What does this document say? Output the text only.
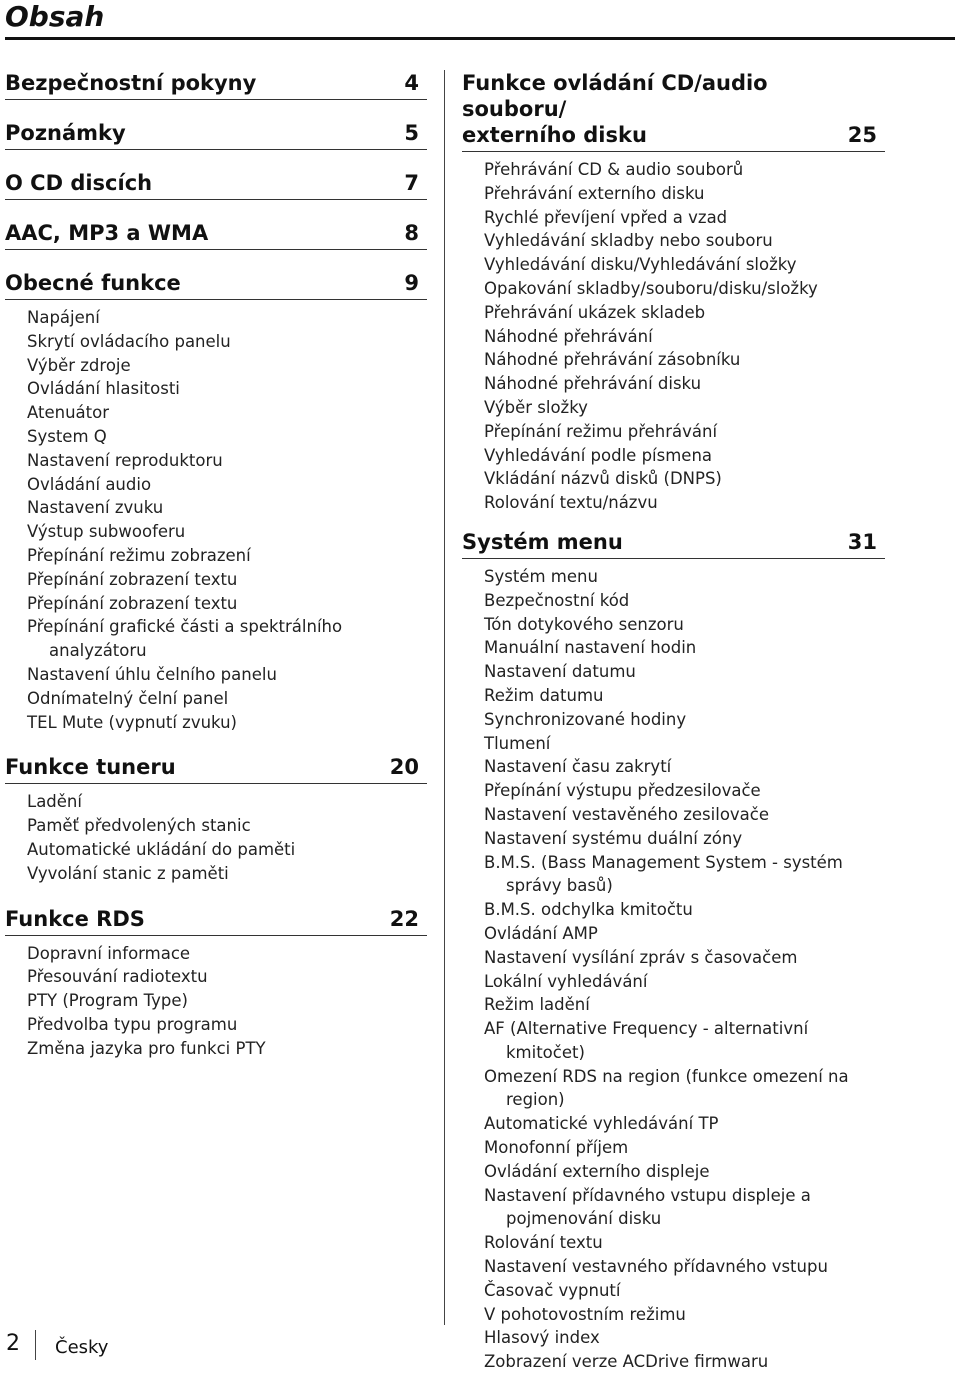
Obsah
Bezpečnostní pokyny	4
Poznámky	5
O CD discích	7
AAC, MP3 a WMA	8
Obecné funkce	9
Napájení
Skrytí ovládacího panelu
Výběr zdroje
Ovládání hlasitosti
Atenuátor
System Q
Nastavení reproduktoru
Ovládání audio
Nastavení zvuku
Výstup subwooferu
Přepínání režimu zobrazení
Přepínání zobrazení textu
Přepínání zobrazení textu
Přepínání grafické části a spektrálního
analyzátoru
Nastavení úhlu čelního panelu
Odnímatelný čelní panel
TEL Mute (vypnutí zvuku)
Funkce tuneru	20
Ladění
Paměť předvolených stanic
Automatické ukládání do paměti
Vyvolání stanic z paměti
Funkce RDS	22
Dopravní informace
Přesouvání radiotextu
PTY (Program Type)
Předvolba typu programu
Změna jazyka pro funkci PTY
Funkce ovládání CD/audio souboru/
externího disku	25
Přehrávání CD & audio souborů
Přehrávání externího disku
Rychlé převíjení vpřed a vzad
Vyhledávání skladby nebo souboru
Vyhledávání disku/Vyhledávání složky
Opakování skladby/souboru/disku/složky
Přehrávání ukázek skladeb
Náhodné přehrávání
Náhodné přehrávání zásobníku
Náhodné přehrávání disku
Výběr složky
Přepínání režimu přehrávání
Vyhledávání podle písmena
Vkládání názvů disků (DNPS)
Rolování textu/názvu
Systém menu	31
Systém menu
Bezpečnostní kód
Tón dotykového senzoru
Manuální nastavení hodin
Nastavení datumu
Režim datumu
Synchronizované hodiny
Tlumení
Nastavení času zakrytí
Přepínání výstupu předzesilovače
Nastavení vestavěného zesilovače
Nastavení systému duální zóny
B.M.S. (Bass Management System - systém
správy basů)
B.M.S. odchylka kmitočtu
Ovládání AMP
Nastavení vysílání zpráv s časovačem
Lokální vyhledávání
Režim ladění
AF (Alternative Frequency - alternativní
kmitočet)
Omezení RDS na region (funkce omezení na
region)
Automatické vyhledávání TP
Monofonní příjem
Ovládání externího displeje
Nastavení přídavného vstupu displeje a
pojmenování disku
Rolování textu
Nastavení vestavného přídavného vstupu
Časovač vypnutí
V pohotovostním režimu
Hlasový index
Zobrazení verze ACDrive firmwaru
2 Česky
